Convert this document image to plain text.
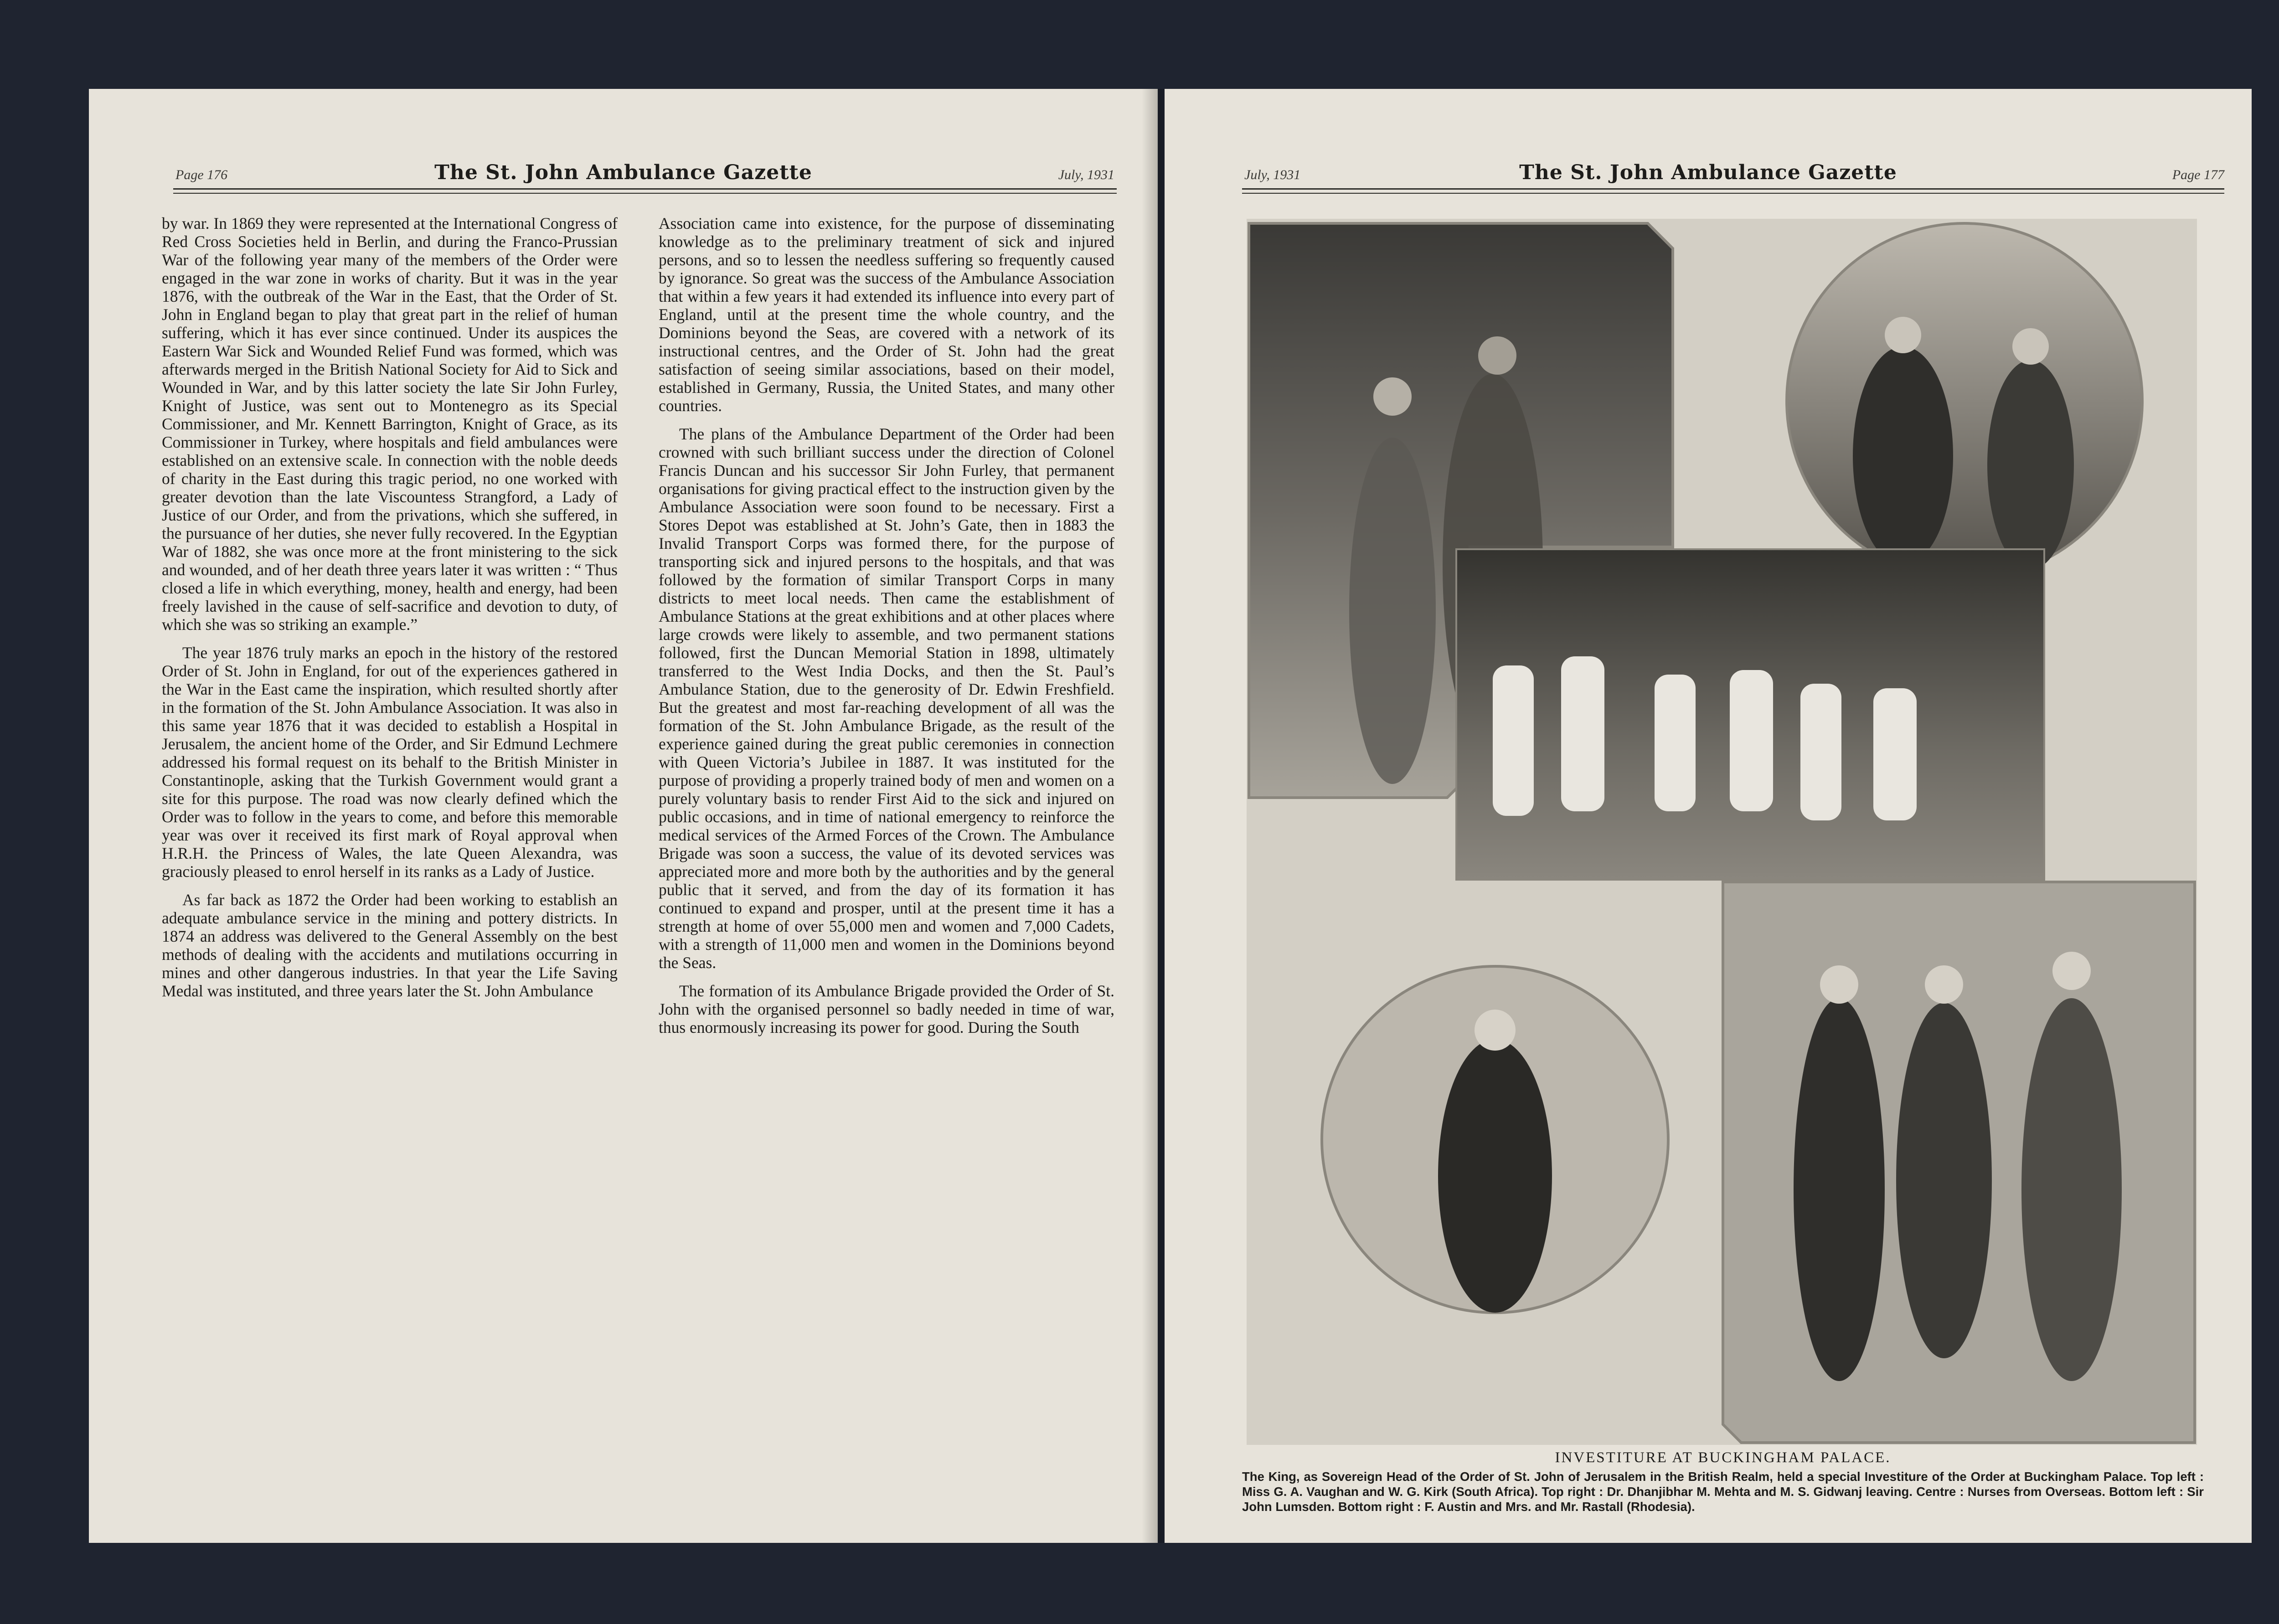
Page 176	The St. John Ambulance Gazette	July, 1931

by war. In 1869 they were represented at the International Congress of Red Cross Societies held in Berlin, and during the Franco-Prussian War of the following year many of the members of the Order were engaged in the war zone in works of charity. But it was in the year 1876, with the outbreak of the War in the East, that the Order of St. John in England began to play that great part in the relief of human suffering, which it has ever since continued. Under its auspices the Eastern War Sick and Wounded Relief Fund was formed, which was afterwards merged in the British National Society for Aid to Sick and Wounded in War, and by this latter society the late Sir John Furley, Knight of Justice, was sent out to Montenegro as its Special Commissioner, and Mr. Kennett Barrington, Knight of Grace, as its Commissioner in Turkey, where hospitals and field ambulances were established on an extensive scale. In connection with the noble deeds of charity in the East during this tragic period, no one worked with greater devotion than the late Viscountess Strangford, a Lady of Justice of our Order, and from the privations, which she suffered, in the pursuance of her duties, she never fully recovered. In the Egyptian War of 1882, she was once more at the front ministering to the sick and wounded, and of her death three years later it was written : “ Thus closed a life in which everything, money, health and energy, had been freely lavished in the cause of self-sacrifice and devotion to duty, of which she was so striking an example.”

The year 1876 truly marks an epoch in the history of the restored Order of St. John in England, for out of the experiences gathered in the War in the East came the inspiration, which resulted shortly after in the formation of the St. John Ambulance Association. It was also in this same year 1876 that it was decided to establish a Hospital in Jerusalem, the ancient home of the Order, and Sir Edmund Lechmere addressed his formal request on its behalf to the British Minister in Constantinople, asking that the Turkish Government would grant a site for this purpose. The road was now clearly defined which the Order was to follow in the years to come, and before this memorable year was over it received its first mark of Royal approval when H.R.H. the Princess of Wales, the late Queen Alexandra, was graciously pleased to enrol herself in its ranks as a Lady of Justice.

As far back as 1872 the Order had been working to establish an adequate ambulance service in the mining and pottery districts. In 1874 an address was delivered to the General Assembly on the best methods of dealing with the accidents and mutilations occurring in mines and other dangerous industries. In that year the Life Saving Medal was instituted, and three years later the St. John Ambulance

Association came into existence, for the purpose of disseminating knowledge as to the preliminary treatment of sick and injured persons, and so to lessen the needless suffering so frequently caused by ignorance. So great was the success of the Ambulance Association that within a few years it had extended its influence into every part of England, until at the present time the whole country, and the Dominions beyond the Seas, are covered with a network of its instructional centres, and the Order of St. John had the great satisfaction of seeing similar associations, based on their model, established in Germany, Russia, the United States, and many other countries.

The plans of the Ambulance Department of the Order had been crowned with such brilliant success under the direction of Colonel Francis Duncan and his successor Sir John Furley, that permanent organisations for giving practical effect to the instruction given by the Ambulance Association were soon found to be necessary. First a Stores Depot was established at St. John’s Gate, then in 1883 the Invalid Transport Corps was formed there, for the purpose of transporting sick and injured persons to the hospitals, and that was followed by the formation of similar Transport Corps in many districts to meet local needs. Then came the establishment of Ambulance Stations at the great exhibitions and at other places where large crowds were likely to assemble, and two permanent stations followed, first the Duncan Memorial Station in 1898, ultimately transferred to the West India Docks, and then the St. Paul’s Ambulance Station, due to the generosity of Dr. Edwin Freshfield. But the greatest and most far-reaching development of all was the formation of the St. John Ambulance Brigade, as the result of the experience gained during the great public ceremonies in connection with Queen Victoria’s Jubilee in 1887. It was instituted for the purpose of providing a properly trained body of men and women on a purely voluntary basis to render First Aid to the sick and injured on public occasions, and in time of national emergency to reinforce the medical services of the Armed Forces of the Crown. The Ambulance Brigade was soon a success, the value of its devoted services was appreciated more and more both by the authorities and by the general public that it served, and from the day of its formation it has continued to expand and prosper, until at the present time it has a strength at home of over 55,000 men and women and 7,000 Cadets, with a strength of 11,000 men and women in the Dominions beyond the Seas.

The formation of its Ambulance Brigade provided the Order of St. John with the organised personnel so badly needed in time of war, thus enormously increasing its power for good. During the South

July, 1931	The St. John Ambulance Gazette	Page 177
INVESTITURE AT BUCKINGHAM PALACE.
The King, as Sovereign Head of the Order of St. John of Jerusalem in the British Realm, held a special Investiture of the Order at Buckingham Palace. Top left : Miss G. A. Vaughan and W. G. Kirk (South Africa). Top right : Dr. Dhanjibhar M. Mehta and M. S. Gidwanj leaving. Centre : Nurses from Overseas. Bottom left : Sir John Lumsden. Bottom right : F. Austin and Mrs. and Mr. Rastall (Rhodesia).
